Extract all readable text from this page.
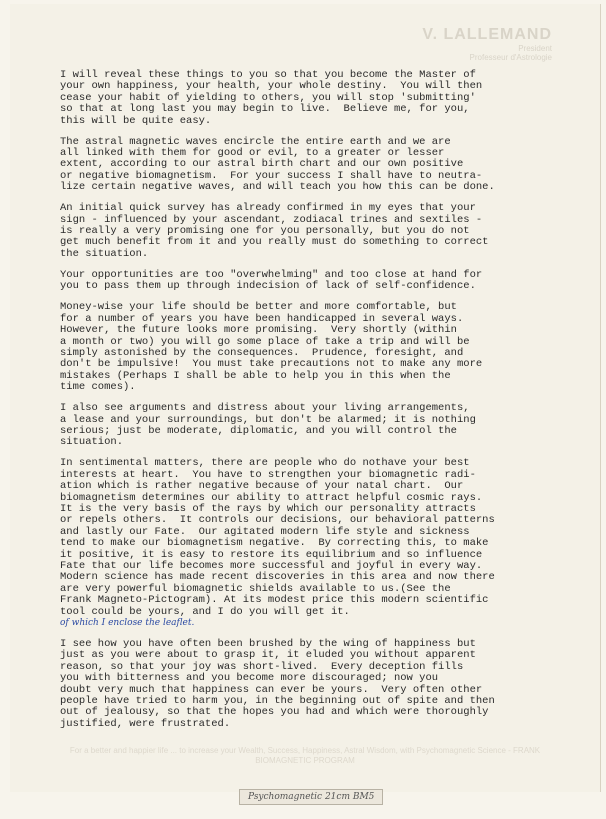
V. LALLEMAND
President
Professeur d'Astrologie
For a better and happier life ... to increase your Wealth, Success, Happiness, Astral Wisdom, with Psychomagnetic Science - FRANK BIOMAGNETIC PROGRAM
I will reveal these things to you so that you become the Master of
your own happiness, your health, your whole destiny.  You will then
cease your habit of yielding to others, you will stop 'submitting'
so that at long last you may begin to live.  Believe me, for you,
this will be quite easy.
The astral magnetic waves encircle the entire earth and we are
all linked with them for good or evil, to a greater or lesser
extent, according to our astral birth chart and our own positive
or negative biomagnetism.  For your success I shall have to neutra-
lize certain negative waves, and will teach you how this can be done.
An initial quick survey has already confirmed in my eyes that your
sign - influenced by your ascendant, zodiacal trines and sextiles -
is really a very promising one for you personally, but you do not
get much benefit from it and you really must do something to correct
the situation.
Your opportunities are too "overwhelming" and too close at hand for
you to pass them up through indecision of lack of self-confidence.
Money-wise your life should be better and more comfortable, but
for a number of years you have been handicapped in several ways.
However, the future looks more promising.  Very shortly (within
a month or two) you will go some place of take a trip and will be
simply astonished by the consequences.  Prudence, foresight, and
don't be impulsive!  You must take precautions not to make any more
mistakes (Perhaps I shall be able to help you in this when the
time comes).
I also see arguments and distress about your living arrangements,
a lease and your surroundings, but don't be alarmed; it is nothing
serious; just be moderate, diplomatic, and you will control the
situation.
In sentimental matters, there are people who do nothave your best
interests at heart.  You have to strengthen your biomagnetic radi-
ation which is rather negative because of your natal chart.  Our
biomagnetism determines our ability to attract helpful cosmic rays.
It is the very basis of the rays by which our personality attracts
or repels others.  It controls our decisions, our behavioral patterns
and lastly our Fate.  Our agitated modern life style and sickness
tend to make our biomagnetism negative.  By correcting this, to make
it positive, it is easy to restore its equilibrium and so influence
Fate that our life becomes more successful and joyful in every way.
Modern science has made recent discoveries in this area and now there
are very powerful biomagnetic shields available to us.(See the
Frank Magneto-Pictogram). At its modest price this modern scientific
tool could be yours, and I do you will get it.
of which I enclose the leaflet.
I see how you have often been brushed by the wing of happiness but
just as you were about to grasp it, it eluded you without apparent
reason, so that your joy was short-lived.  Every deception fills
you with bitterness and you become more discouraged; now you
doubt very much that happiness can ever be yours.  Very often other
people have tried to harm you, in the beginning out of spite and then
out of jealousy, so that the hopes you had and which were thoroughly
justified, were frustrated.
Psychomagnetic 21cm BM5
